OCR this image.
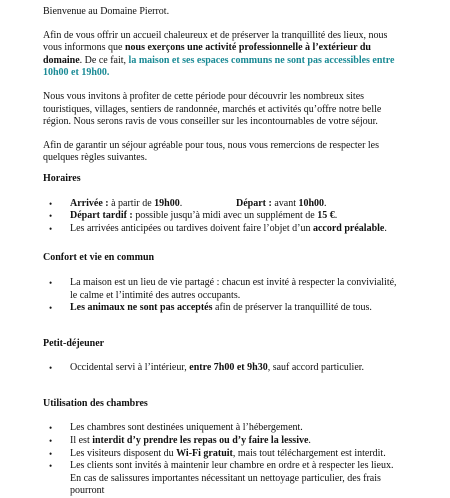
Bienvenue au Domaine Pierrot.

Afin de vous offrir un accueil chaleureux et de préserver la tranquillité des lieux, nous vous informons que nous exerçons une activité professionnelle à l’extérieur du domaine. De ce fait, la maison et ses espaces communs ne sont pas accessibles entre 10h00 et 19h00.

Nous vous invitons à profiter de cette période pour découvrir les nombreux sites touristiques, villages, sentiers de randonnée, marchés et activités qu’offre notre belle région. Nous serons ravis de vous conseiller sur les incontournables de votre séjour.

Afin de garantir un séjour agréable pour tous, nous vous remercions de respecter les quelques règles suivantes.

Horaires
• Arrivée : à partir de 19h00.	Départ : avant 10h00.
• Départ tardif : possible jusqu’à midi avec un supplément de 15 €.
• Les arrivées anticipées ou tardives doivent faire l’objet d’un accord préalable.
Confort et vie en commun
• La maison est un lieu de vie partagé : chacun est invité à respecter la convivialité, le calme et l’intimité des autres occupants.
• Les animaux ne sont pas acceptés afin de préserver la tranquillité de tous.
Petit-déjeuner
• Occidental servi à l’intérieur, entre 7h00 et 9h30, sauf accord particulier.
Utilisation des chambres
• Les chambres sont destinées uniquement à l’hébergement.
• Il est interdit d’y prendre les repas ou d’y faire la lessive.
• Les visiteurs disposent du Wi-Fi gratuit, mais tout téléchargement est interdit.
• Les clients sont invités à maintenir leur chambre en ordre et à respecter les lieux. En cas de salissures importantes nécessitant un nettoyage particulier, des frais pourront
